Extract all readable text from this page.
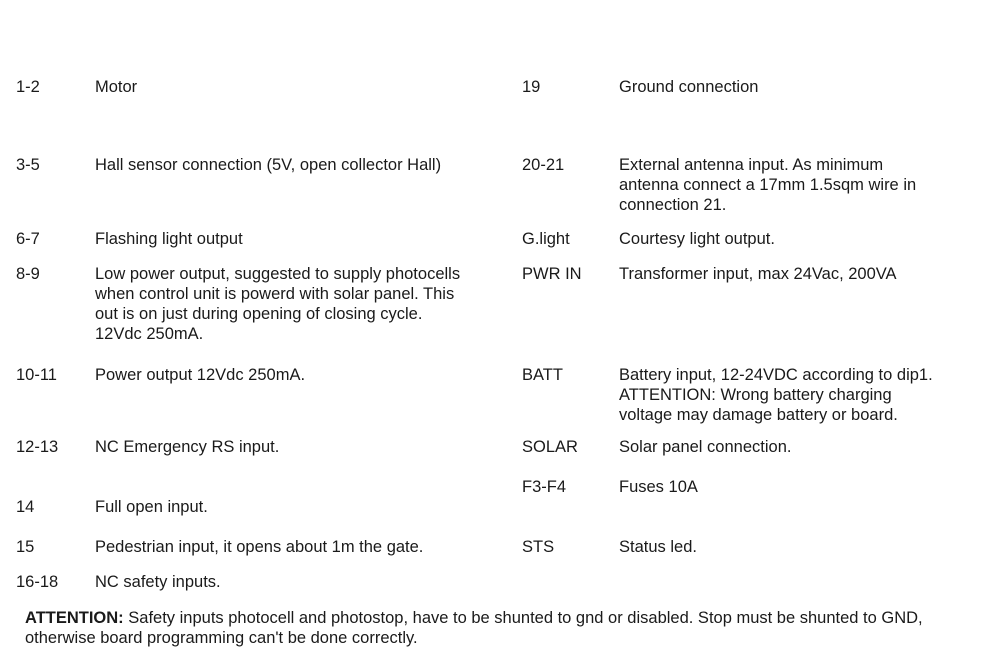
1-2	Motor
3-5	Hall sensor connection (5V, open collector Hall)
6-7	Flashing light output
8-9	Low power output, suggested to supply photocells
when control unit is powerd with solar panel. This
out is on just during opening of closing cycle.
12Vdc 250mA.
10-11 Power output 12Vdc 250mA.
12-13 NC Emergency RS input.
14	Full open input.
15	Pedestrian input, it opens about 1m the gate.
16-18 NC safety inputs.
19	Ground connection
20-21	External antenna input. As minimum
antenna connect a 17mm 1.5sqm wire in
connection 21.
G.light	Courtesy light output.
PWR IN Transformer input, max 24Vac, 200VA
BATT	Battery input, 12-24VDC according to dip1.
ATTENTION: Wrong battery charging
voltage may damage battery or board.
SOLAR Solar panel connection.
F3-F4	Fuses 10A
STS	Status led.
ATTENTION: Safety inputs photocell and photostop, have to be shunted to gnd or disabled. Stop must be shunted to GND, otherwise board programming can't be done correctly.
